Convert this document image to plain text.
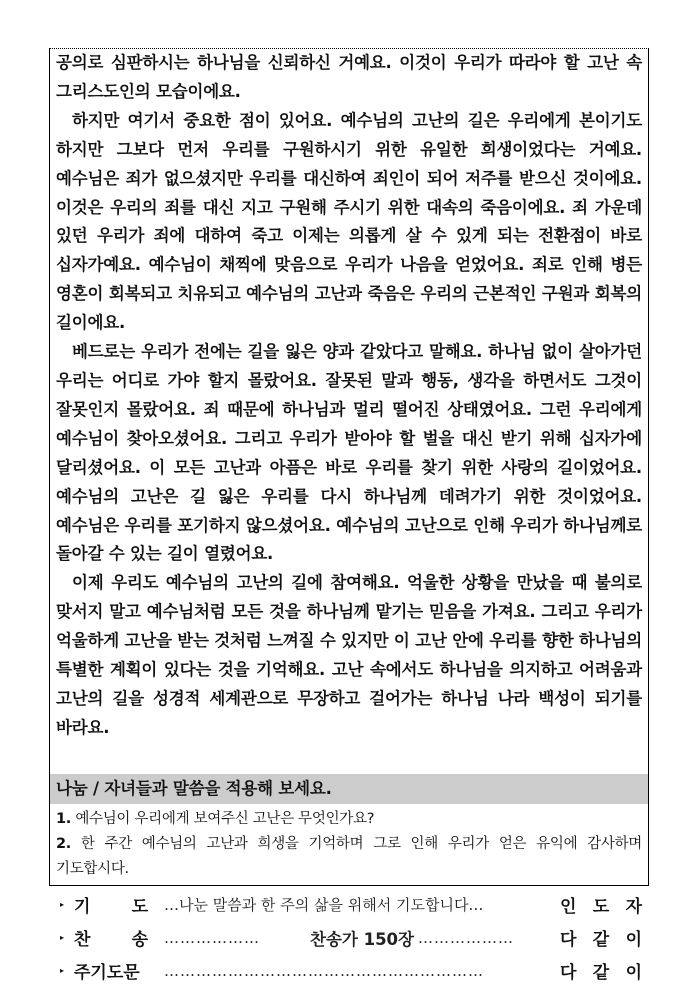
공의로 심판하시는 하나님을 신뢰하신 거예요. 이것이 우리가 따라야 할 고난 속 그리스도인의 모습이에요.

하지만 여기서 중요한 점이 있어요. 예수님의 고난의 길은 우리에게 본이기도 하지만 그보다 먼저 우리를 구원하시기 위한 유일한 희생이었다는 거예요. 예수님은 죄가 없으셨지만 우리를 대신하여 죄인이 되어 저주를 받으신 것이에요. 이것은 우리의 죄를 대신 지고 구원해 주시기 위한 대속의 죽음이에요. 죄 가운데 있던 우리가 죄에 대하여 죽고 이제는 의롭게 살 수 있게 되는 전환점이 바로 십자가예요. 예수님이 채찍에 맞음으로 우리가 나음을 얻었어요. 죄로 인해 병든 영혼이 회복되고 치유되고 예수님의 고난과 죽음은 우리의 근본적인 구원과 회복의 길이에요.

베드로는 우리가 전에는 길을 잃은 양과 같았다고 말해요. 하나님 없이 살아가던 우리는 어디로 가야 할지 몰랐어요. 잘못된 말과 행동, 생각을 하면서도 그것이 잘못인지 몰랐어요. 죄 때문에 하나님과 멀리 떨어진 상태였어요. 그런 우리에게 예수님이 찾아오셨어요. 그리고 우리가 받아야 할 벌을 대신 받기 위해 십자가에 달리셨어요. 이 모든 고난과 아픔은 바로 우리를 찾기 위한 사랑의 길이었어요. 예수님의 고난은 길 잃은 우리를 다시 하나님께 데려가기 위한 것이었어요. 예수님은 우리를 포기하지 않으셨어요. 예수님의 고난으로 인해 우리가 하나님께로 돌아갈 수 있는 길이 열렸어요.

이제 우리도 예수님의 고난의 길에 참여해요. 억울한 상황을 만났을 때 불의로 맞서지 말고 예수님처럼 모든 것을 하나님께 맡기는 믿음을 가져요. 그리고 우리가 억울하게 고난을 받는 것처럼 느껴질 수 있지만 이 고난 안에 우리를 향한 하나님의 특별한 계획이 있다는 것을 기억해요. 고난 속에서도 하나님을 의지하고 어려움과 고난의 길을 성경적 세계관으로 무장하고 걸어가는 하나님 나라 백성이 되기를 바라요.

나눔 / 자녀들과 말씀을 적용해 보세요.

1. 예수님이 우리에게 보여주신 고난은 무엇인가요?

2. 한 주간 예수님의 고난과 희생을 기억하며 그로 인해 우리가 얻은 유익에 감사하며 기도합시다.

▸ 기 도 …나눈 말씀과 한 주의 삶을 위해서 기도합니다…	인 도 자
▸ 찬 송 ………………	찬송가 150장 ………………	다 같 이
▸ 주기도문	……………………………………………………	다 같 이
